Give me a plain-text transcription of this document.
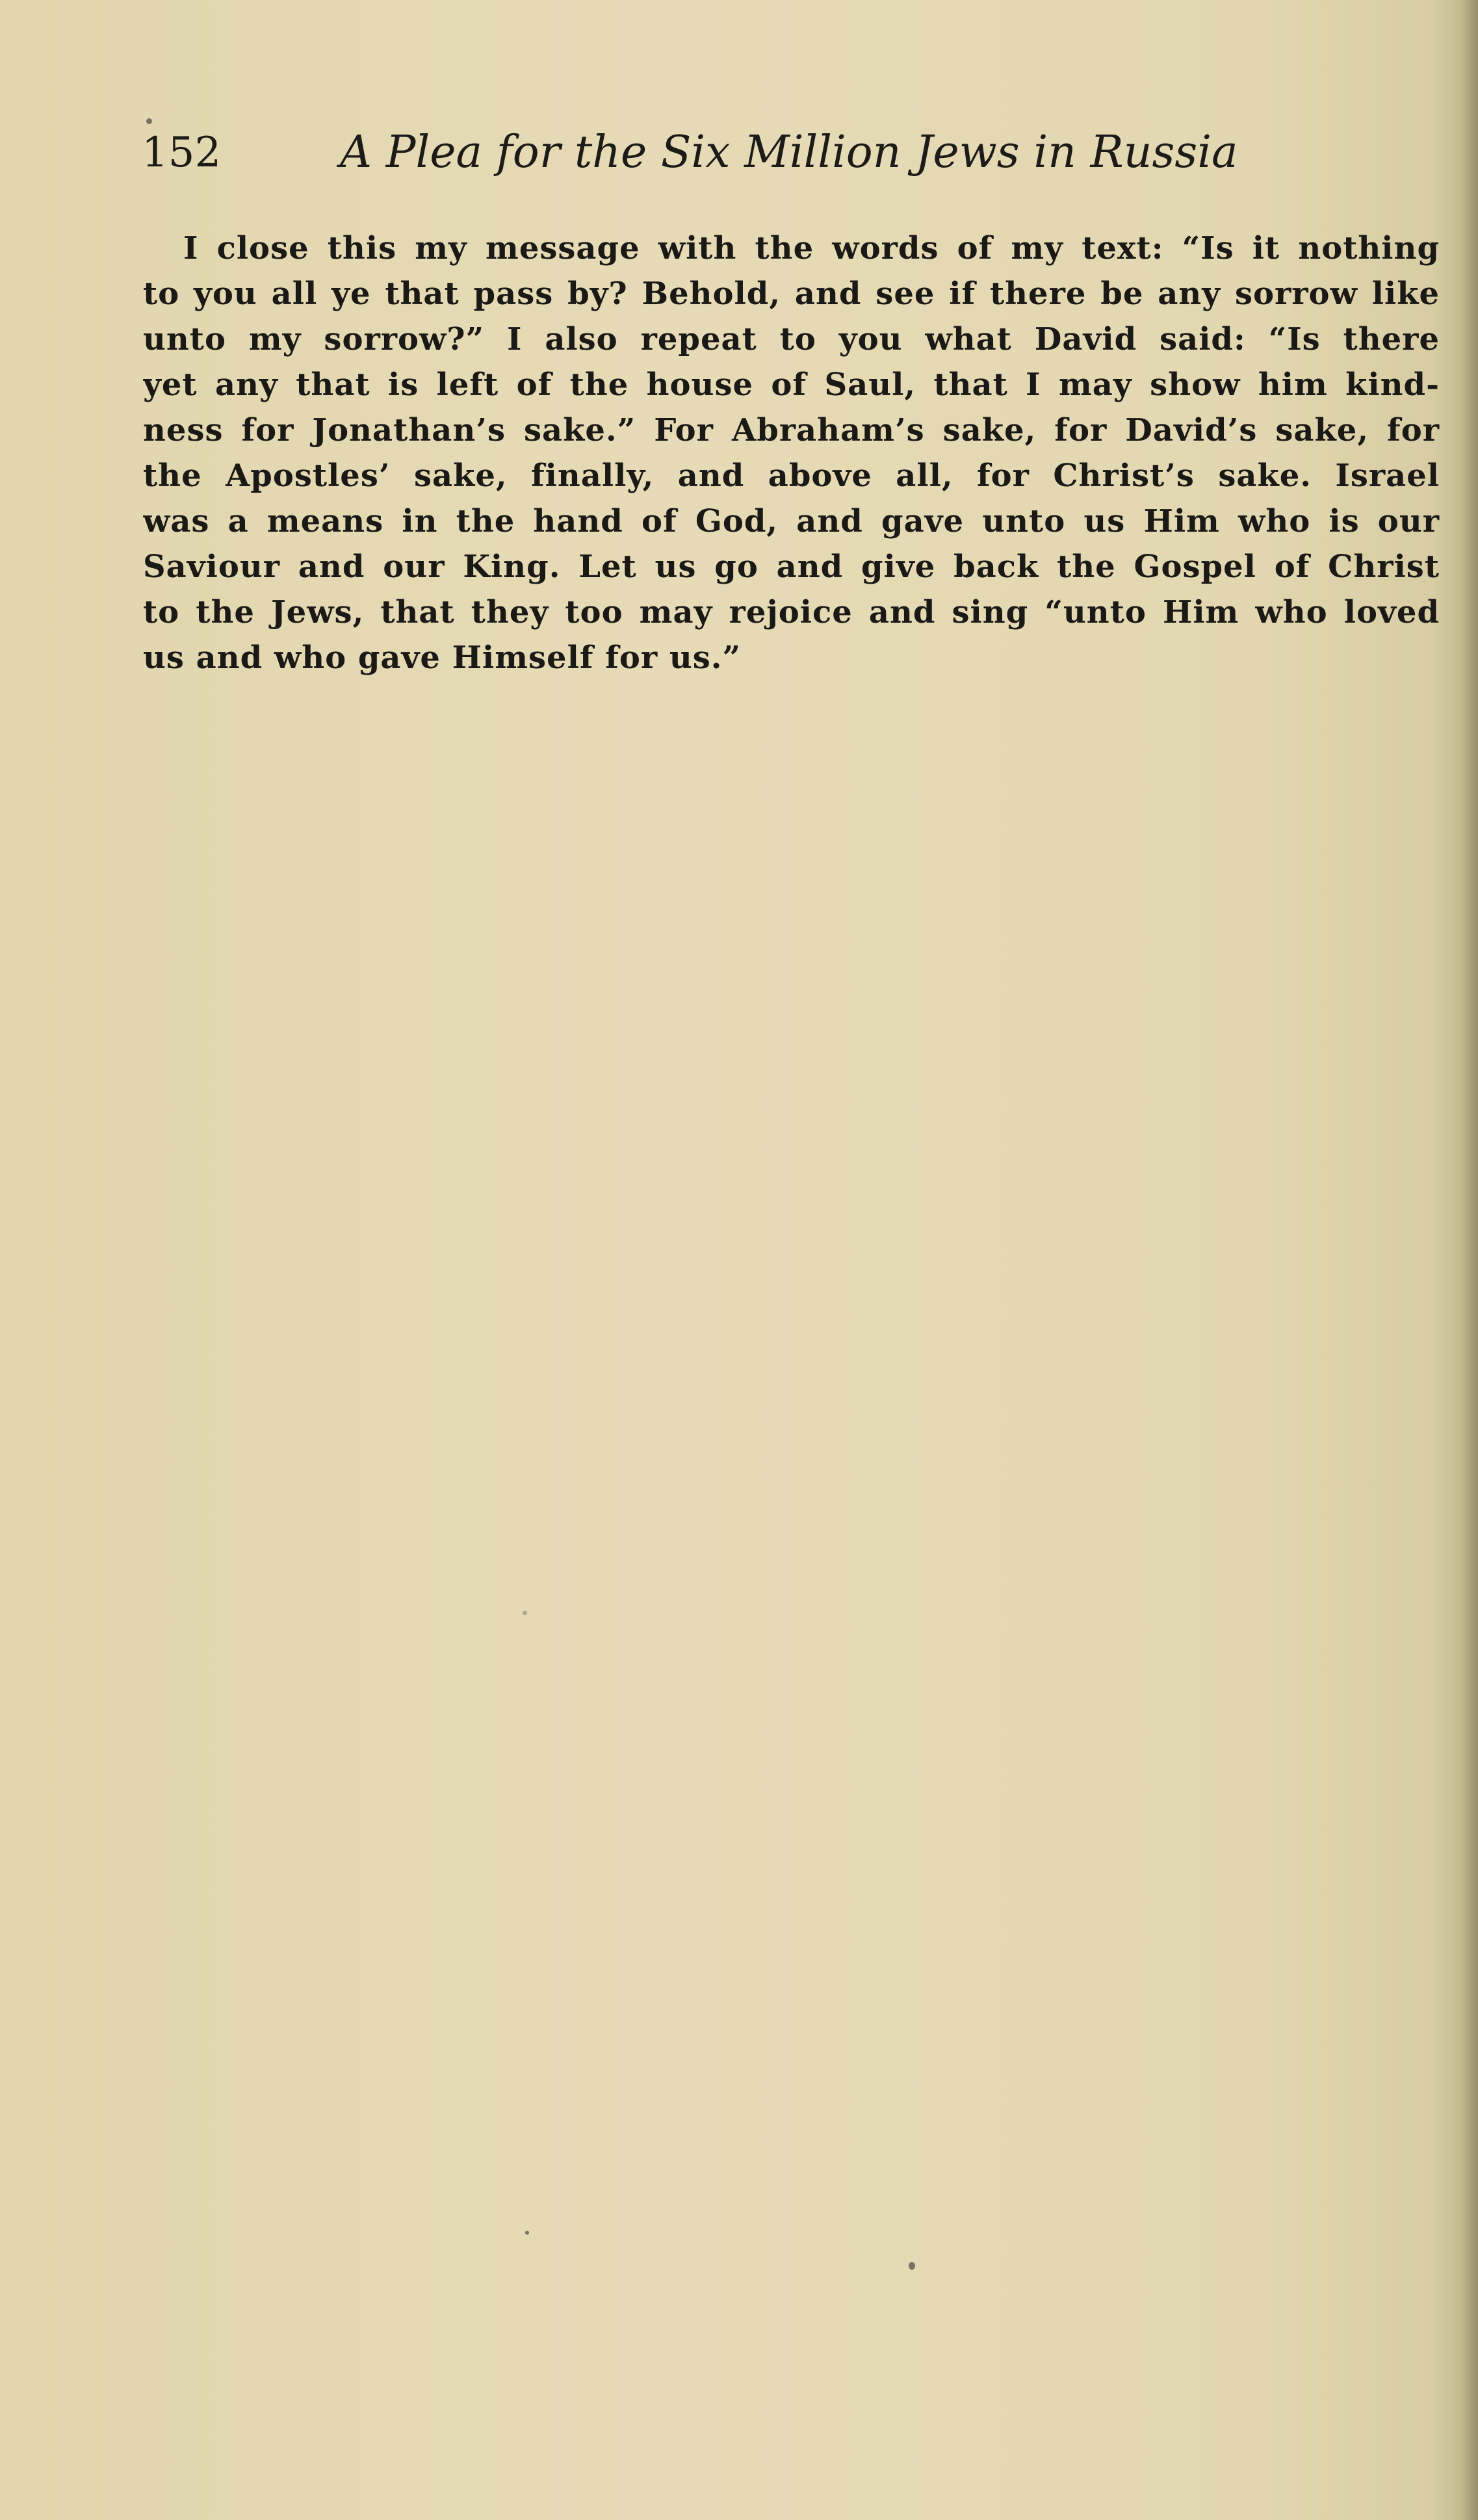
152	A Plea for the Six Million Jews in Russia
I close this my message with the words of my text: “Is it nothing
to you all ye that pass by? Behold, and see if there be any sorrow like
unto my sorrow?” I also repeat to you what David said: “Is there
yet any that is left of the house of Saul, that I may show him kind-
ness for Jonathan’s sake.” For Abraham’s sake, for David’s sake, for
the Apostles’ sake, finally, and above all, for Christ’s sake. Israel
was a means in the hand of God, and gave unto us Him who is our
Saviour and our King. Let us go and give back the Gospel of Christ
to the Jews, that they too may rejoice and sing “unto Him who loved
us and who gave Himself for us.”
